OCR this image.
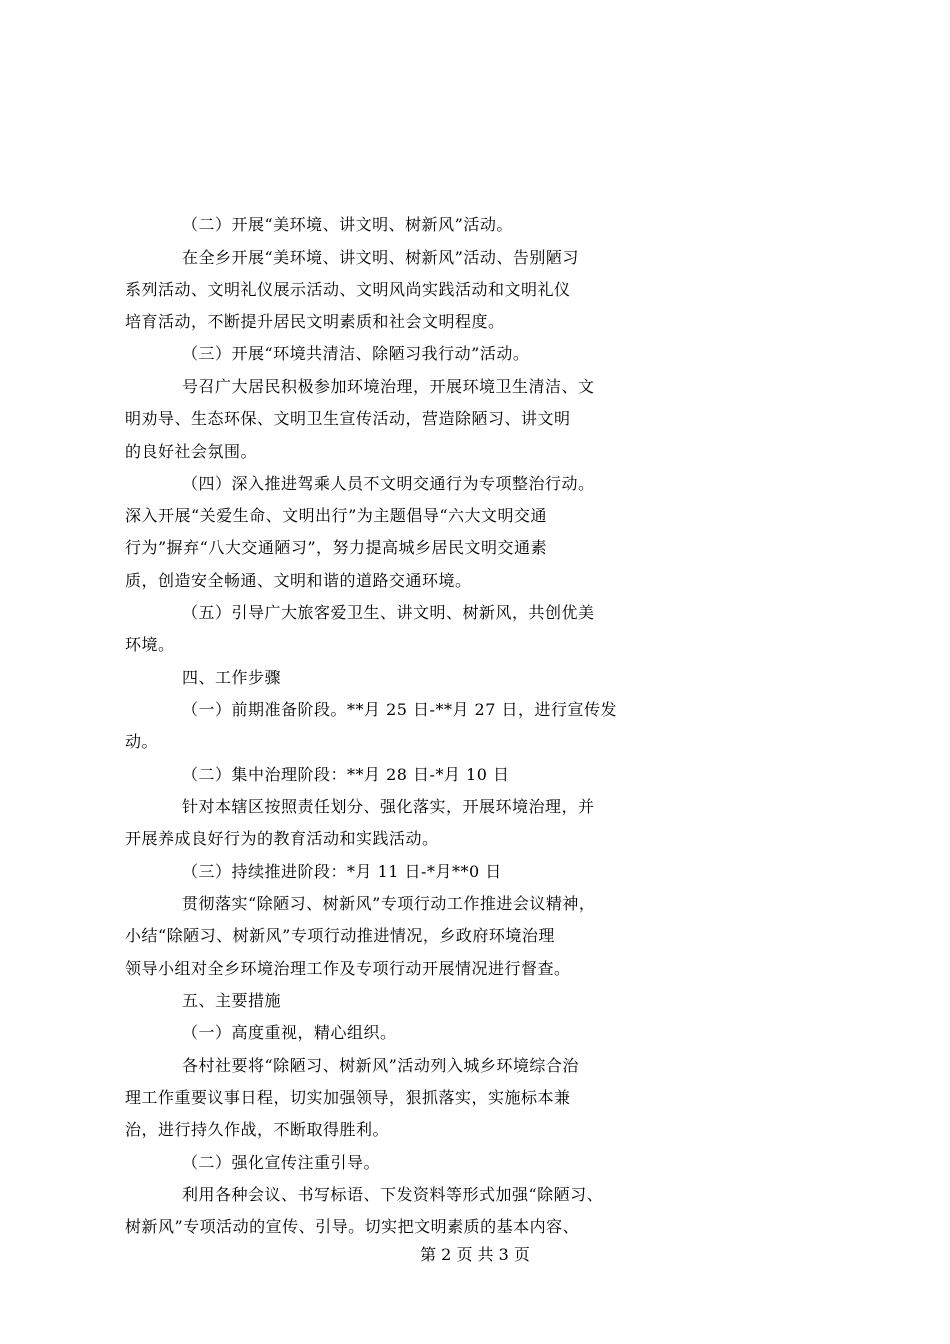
（二）开展“美环境、讲文明、树新风”活动。
在全乡开展“美环境、讲文明、树新风”活动、告别陋习
系列活动、文明礼仪展示活动、文明风尚实践活动和文明礼仪
培育活动，不断提升居民文明素质和社会文明程度。
（三）开展“环境共清洁、除陋习我行动”活动。
号召广大居民积极参加环境治理，开展环境卫生清洁、文
明劝导、生态环保、文明卫生宣传活动，营造除陋习、讲文明
的良好社会氛围。
（四）深入推进驾乘人员不文明交通行为专项整治行动。
深入开展“关爱生命、文明出行”为主题倡导“六大文明交通
行为”摒弃“八大交通陋习”，努力提高城乡居民文明交通素
质，创造安全畅通、文明和谐的道路交通环境。
（五）引导广大旅客爱卫生、讲文明、树新风，共创优美
环境。
四、工作步骤
（一）前期准备阶段。**月 25 日-**月 27 日，进行宣传发
动。
（二）集中治理阶段：**月 28 日-*月 10 日
针对本辖区按照责任划分、强化落实，开展环境治理，并
开展养成良好行为的教育活动和实践活动。
（三）持续推进阶段：*月 11 日-*月**0 日
贯彻落实“除陋习、树新风”专项行动工作推进会议精神，
小结“除陋习、树新风”专项行动推进情况，乡政府环境治理
领导小组对全乡环境治理工作及专项行动开展情况进行督查。
五、主要措施
（一）高度重视，精心组织。
各村社要将“除陋习、树新风”活动列入城乡环境综合治
理工作重要议事日程，切实加强领导，狠抓落实，实施标本兼
治，进行持久作战，不断取得胜利。
（二）强化宣传注重引导。
利用各种会议、书写标语、下发资料等形式加强“除陋习、
树新风”专项活动的宣传、引导。切实把文明素质的基本内容、
第 2 页 共 3 页
